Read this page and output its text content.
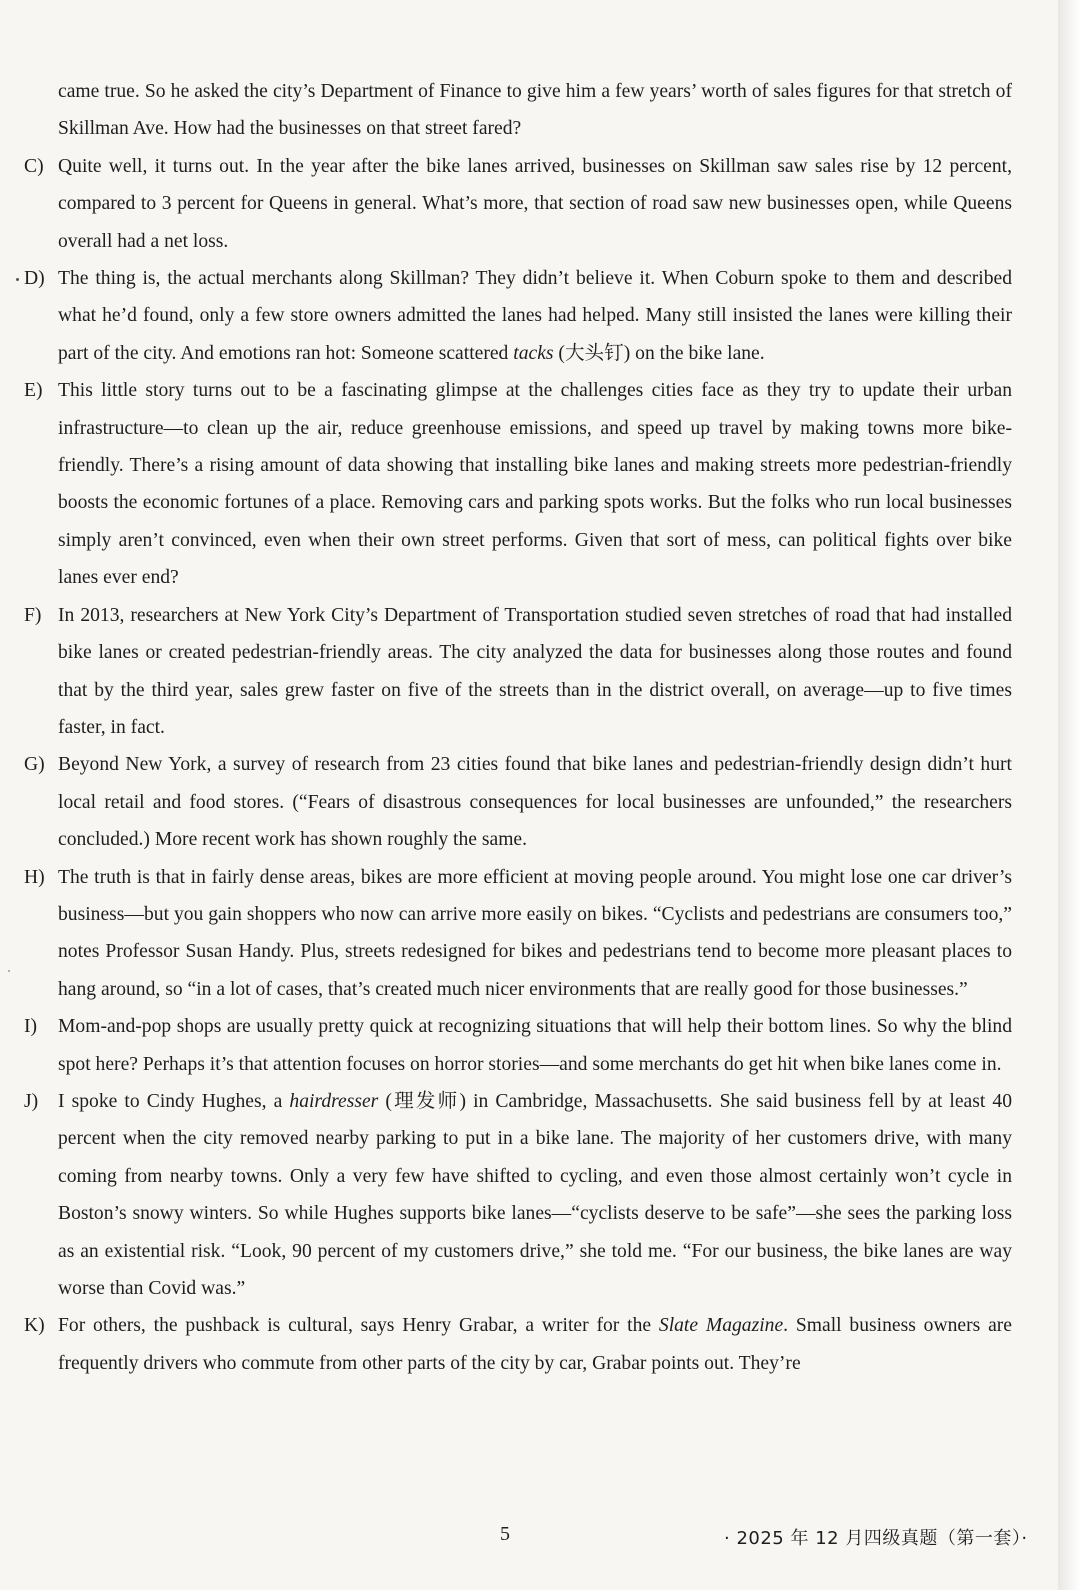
came true. So he asked the city’s Department of Finance to give him a few years’ worth of sales figures for that stretch of Skillman Ave. How had the businesses on that street fared?
C) Quite well, it turns out. In the year after the bike lanes arrived, businesses on Skillman saw sales rise by 12 percent, compared to 3 percent for Queens in general. What’s more, that section of road saw new businesses open, while Queens overall had a net loss.
D) The thing is, the actual merchants along Skillman? They didn’t believe it. When Coburn spoke to them and described what he’d found, only a few store owners admitted the lanes had helped. Many still insisted the lanes were killing their part of the city. And emotions ran hot: Someone scattered tacks (大头钉) on the bike lane.
E) This little story turns out to be a fascinating glimpse at the challenges cities face as they try to update their urban infrastructure—to clean up the air, reduce greenhouse emissions, and speed up travel by making towns more bike-friendly. There’s a rising amount of data showing that installing bike lanes and making streets more pedestrian-friendly boosts the economic fortunes of a place. Removing cars and parking spots works. But the folks who run local businesses simply aren’t convinced, even when their own street performs. Given that sort of mess, can political fights over bike lanes ever end?
F) In 2013, researchers at New York City’s Department of Transportation studied seven stretches of road that had installed bike lanes or created pedestrian-friendly areas. The city analyzed the data for businesses along those routes and found that by the third year, sales grew faster on five of the streets than in the district overall, on average—up to five times faster, in fact.
G) Beyond New York, a survey of research from 23 cities found that bike lanes and pedestrian-friendly design didn’t hurt local retail and food stores. (“Fears of disastrous consequences for local businesses are unfounded,” the researchers concluded.) More recent work has shown roughly the same.
H) The truth is that in fairly dense areas, bikes are more efficient at moving people around. You might lose one car driver’s business—but you gain shoppers who now can arrive more easily on bikes. “Cyclists and pedestrians are consumers too,” notes Professor Susan Handy. Plus, streets redesigned for bikes and pedestrians tend to become more pleasant places to hang around, so “in a lot of cases, that’s created much nicer environments that are really good for those businesses.”
I) Mom-and-pop shops are usually pretty quick at recognizing situations that will help their bottom lines. So why the blind spot here? Perhaps it’s that attention focuses on horror stories—and some merchants do get hit when bike lanes come in.
J) I spoke to Cindy Hughes, a hairdresser (理发师) in Cambridge, Massachusetts. She said business fell by at least 40 percent when the city removed nearby parking to put in a bike lane. The majority of her customers drive, with many coming from nearby towns. Only a very few have shifted to cycling, and even those almost certainly won’t cycle in Boston’s snowy winters. So while Hughes supports bike lanes—“cyclists deserve to be safe”—she sees the parking loss as an existential risk. “Look, 90 percent of my customers drive,” she told me. “For our business, the bike lanes are way worse than Covid was.”
K) For others, the pushback is cultural, says Henry Grabar, a writer for the Slate Magazine. Small business owners are frequently drivers who commute from other parts of the city by car, Grabar points out. They’re
5	· 2025 年 12 月四级真题（第一套）·
